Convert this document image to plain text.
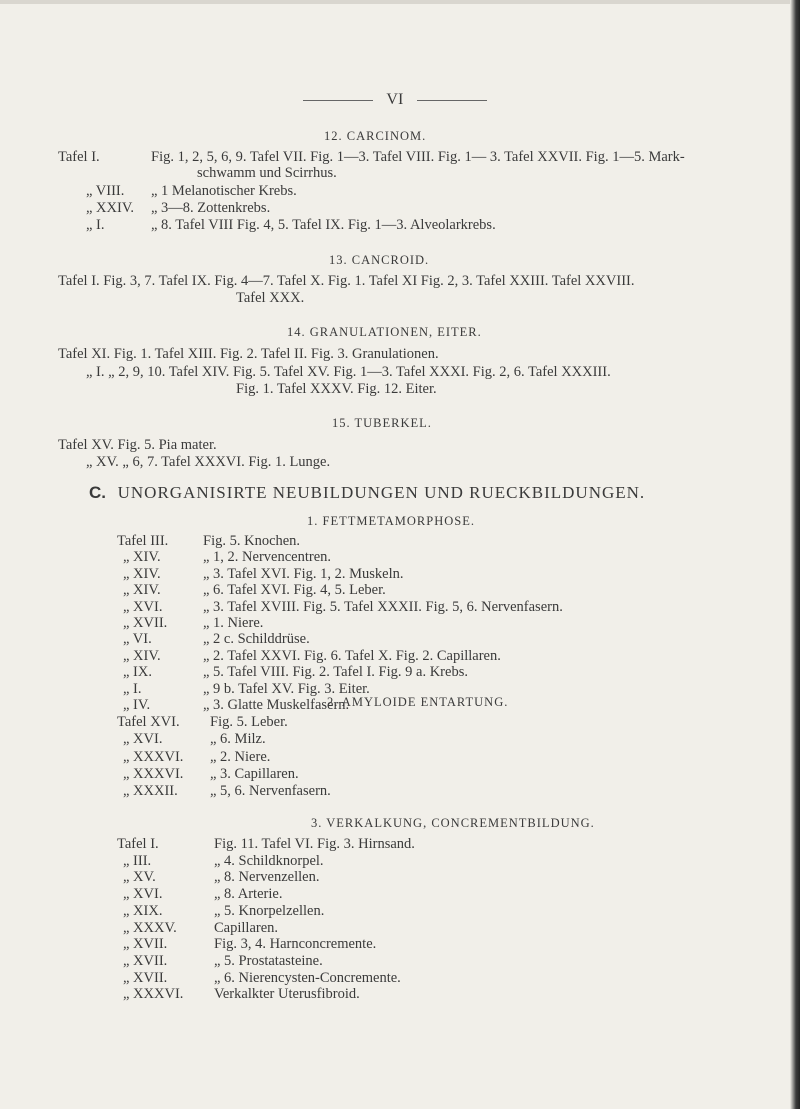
VI
12. CARCINOM.
Tafel I.	Fig. 1, 2, 5, 6, 9. Tafel VII. Fig. 1—3. Tafel VIII. Fig. 1— 3. Tafel XXVII. Fig. 1—5. Mark-
schwamm und Scirrhus.
„ VIII. „ 1 Melanotischer Krebs.
„ XXIV. „ 3—8. Zottenkrebs.
„ I.	„ 8. Tafel VIII Fig. 4, 5. Tafel IX. Fig. 1—3. Alveolarkrebs.
13. CANCROID.
Tafel I. Fig. 3, 7. Tafel IX. Fig. 4—7. Tafel X. Fig. 1. Tafel XI Fig. 2, 3. Tafel XXIII. Tafel XXVIII.
Tafel XXX.
14. GRANULATIONEN, EITER.
Tafel XI. Fig. 1. Tafel XIII. Fig. 2. Tafel II. Fig. 3. Granulationen.
„ I. „ 2, 9, 10. Tafel XIV. Fig. 5. Tafel XV. Fig. 1—3. Tafel XXXI. Fig. 2, 6. Tafel XXXIII.
Fig. 1. Tafel XXXV. Fig. 12. Eiter.
15. TUBERKEL.
Tafel XV. Fig. 5. Pia mater.
„ XV. „ 6, 7. Tafel XXXVI. Fig. 1. Lunge.
C. UNORGANISIRTE NEUBILDUNGEN UND RUECKBILDUNGEN.
1. FETTMETAMORPHOSE.
Tafel III. Fig. 5. Knochen.
„ XIV.	„ 1, 2. Nervencentren.
„ XIV.	„ 3. Tafel XVI. Fig. 1, 2. Muskeln.
„ XIV.	„ 6. Tafel XVI. Fig. 4, 5. Leber.
„ XVI.	„ 3. Tafel XVIII. Fig. 5. Tafel XXXII. Fig. 5, 6. Nervenfasern.
„ XVII. „ 1. Niere.
„ VI.	„ 2 c. Schilddrüse.
„ XIV.	„ 2. Tafel XXVI. Fig. 6. Tafel X. Fig. 2. Capillaren.
„ IX.	„ 5. Tafel VIII. Fig. 2. Tafel I. Fig. 9 a. Krebs.
„ I.	„ 9 b. Tafel XV. Fig. 3. Eiter.
„ IV.	„ 3. Glatte Muskelfasern.
2. AMYLOIDE ENTARTUNG.
Tafel XVI. Fig. 5. Leber.
„ XVI.	„ 6. Milz.
„ XXXVI. „ 2. Niere.
„ XXXVI. „ 3. Capillaren.
„ XXXII. „ 5, 6. Nervenfasern.
3. VERKALKUNG, CONCREMENTBILDUNG.
Tafel I.	Fig. 11. Tafel VI. Fig. 3. Hirnsand.
„ III.	„ 4. Schildknorpel.
„ XV.	„ 8. Nervenzellen.
„ XVI.	„ 8. Arterie.
„ XIX.	„ 5. Knorpelzellen.
„ XXXV.	Capillaren.
„ XVII.	Fig. 3, 4. Harnconcremente.
„ XVII.	„ 5. Prostatasteine.
„ XVII.	„ 6. Nierencysten-Concremente.
„ XXXVI. Verkalkter Uterusfibroid.
